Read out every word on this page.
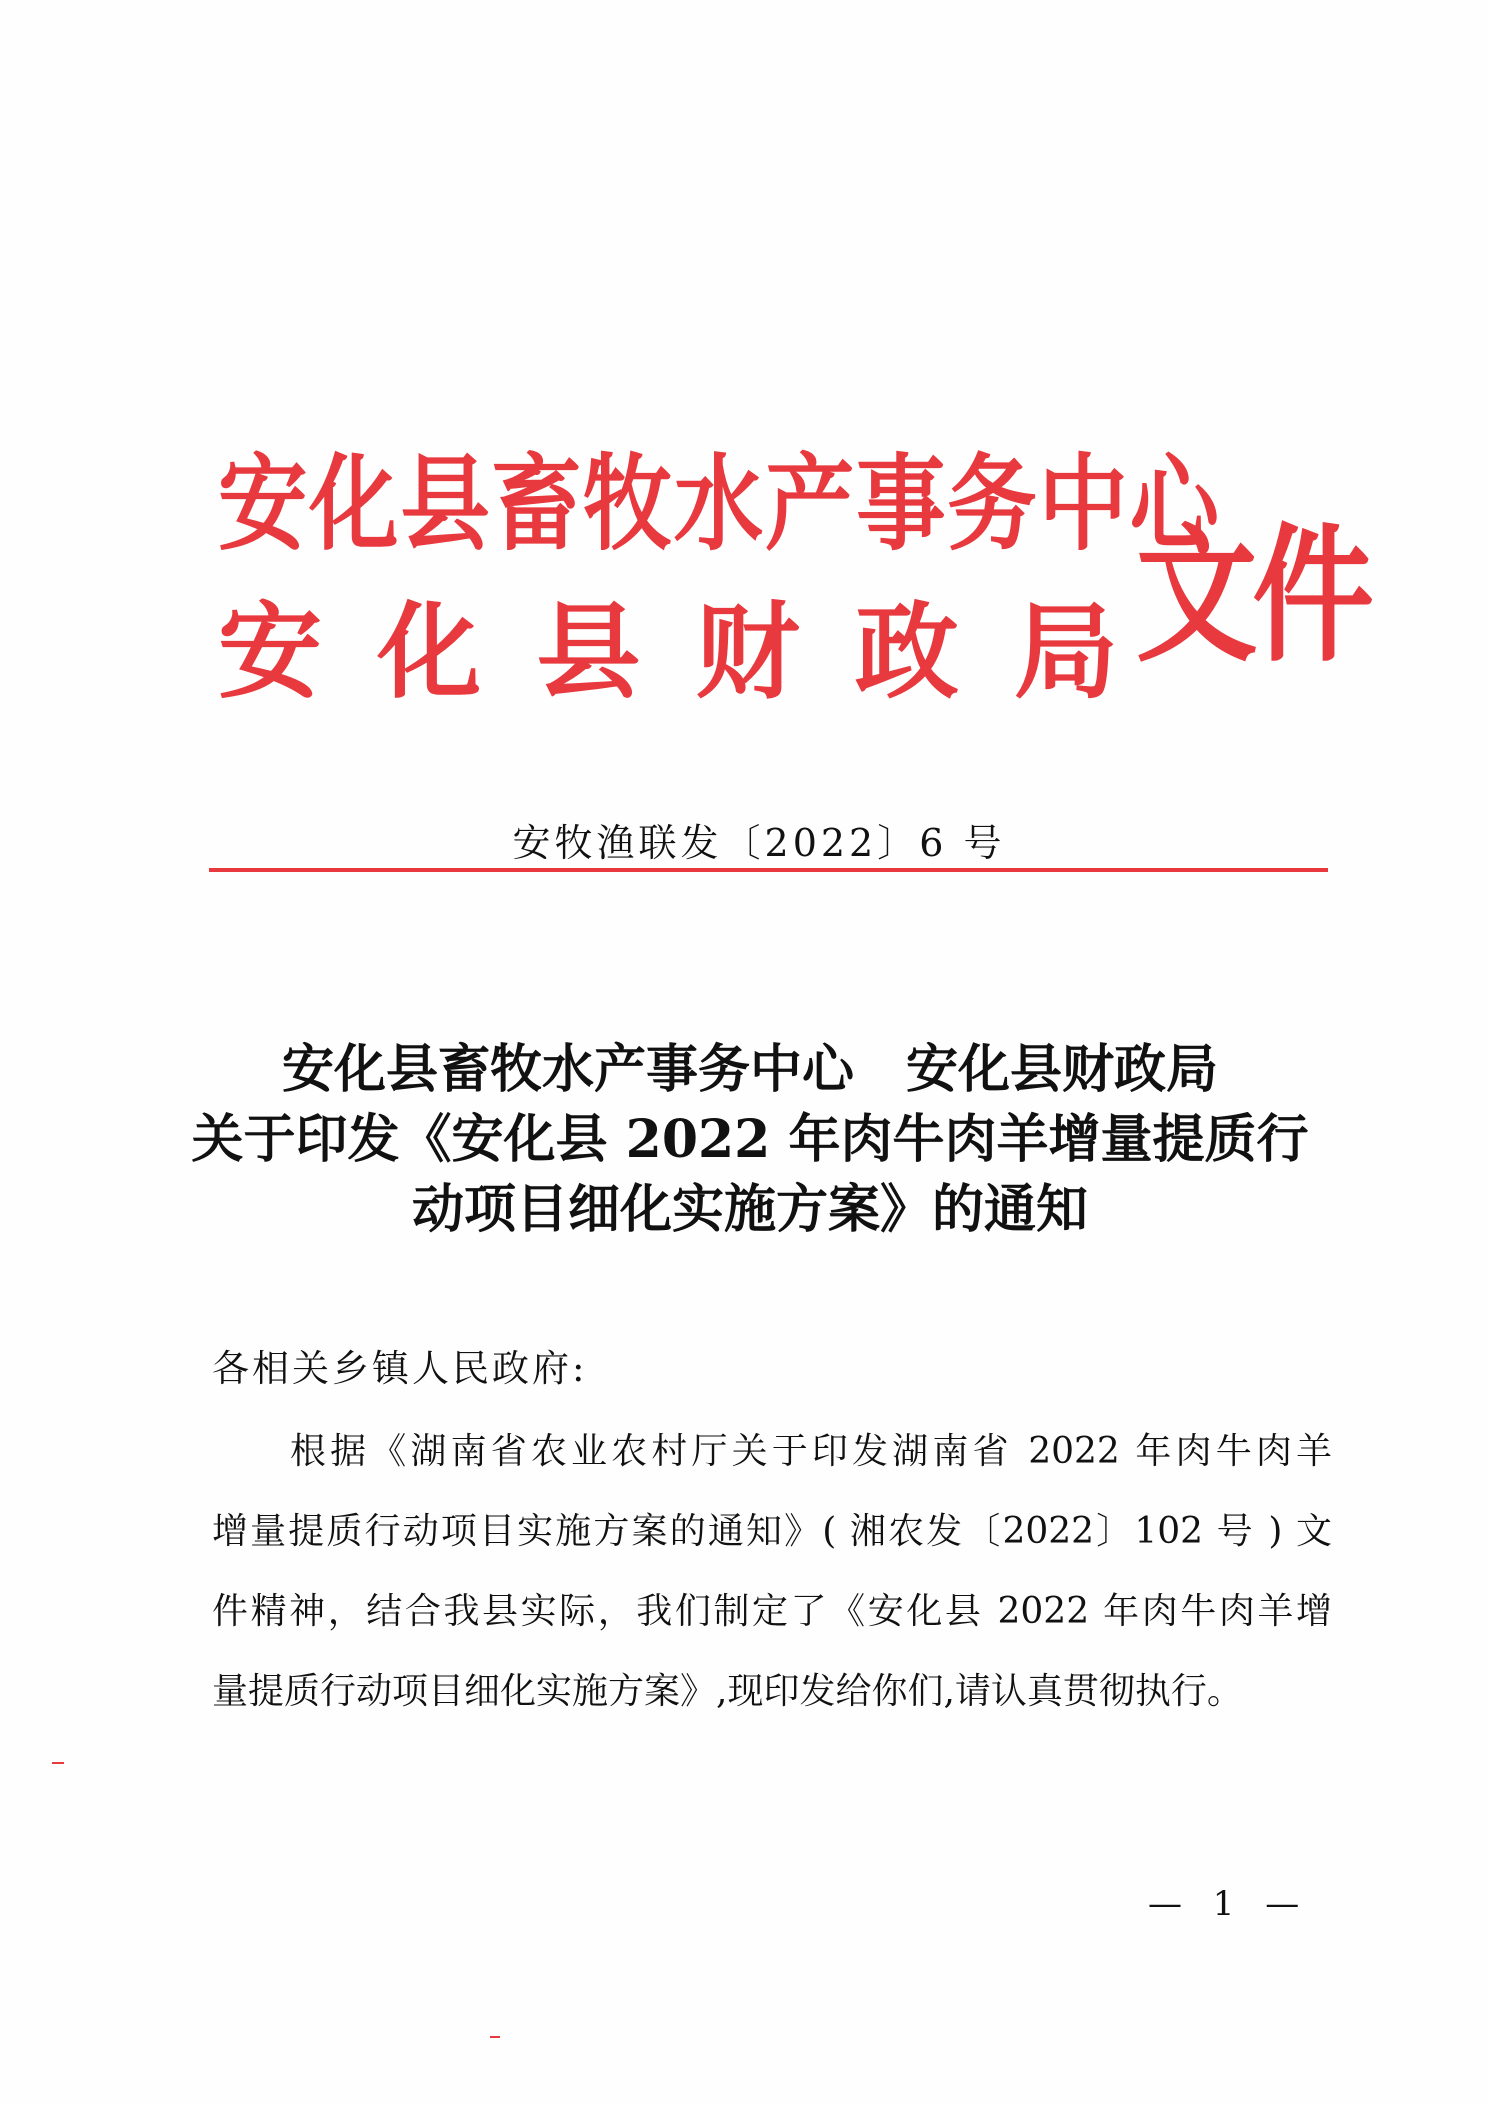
安化县畜牧水产事务中心
安 化 县 财 政 局 文件
安牧渔联发〔2022〕6 号
安化县畜牧水产事务中心　安化县财政局
关于印发《安化县 2022 年肉牛肉羊增量提质行
动项目细化实施方案》的通知
各相关乡镇人民政府:
根据《湖南省农业农村厅关于印发湖南省 2022 年肉牛肉羊
增量提质行动项目实施方案的通知》( 湘农发〔2022〕102 号 ) 文
件精神，结合我县实际，我们制定了《安化县 2022 年肉牛肉羊增
量提质行动项目细化实施方案》,现印发给你们,请认真贯彻执行。
— 1 —
